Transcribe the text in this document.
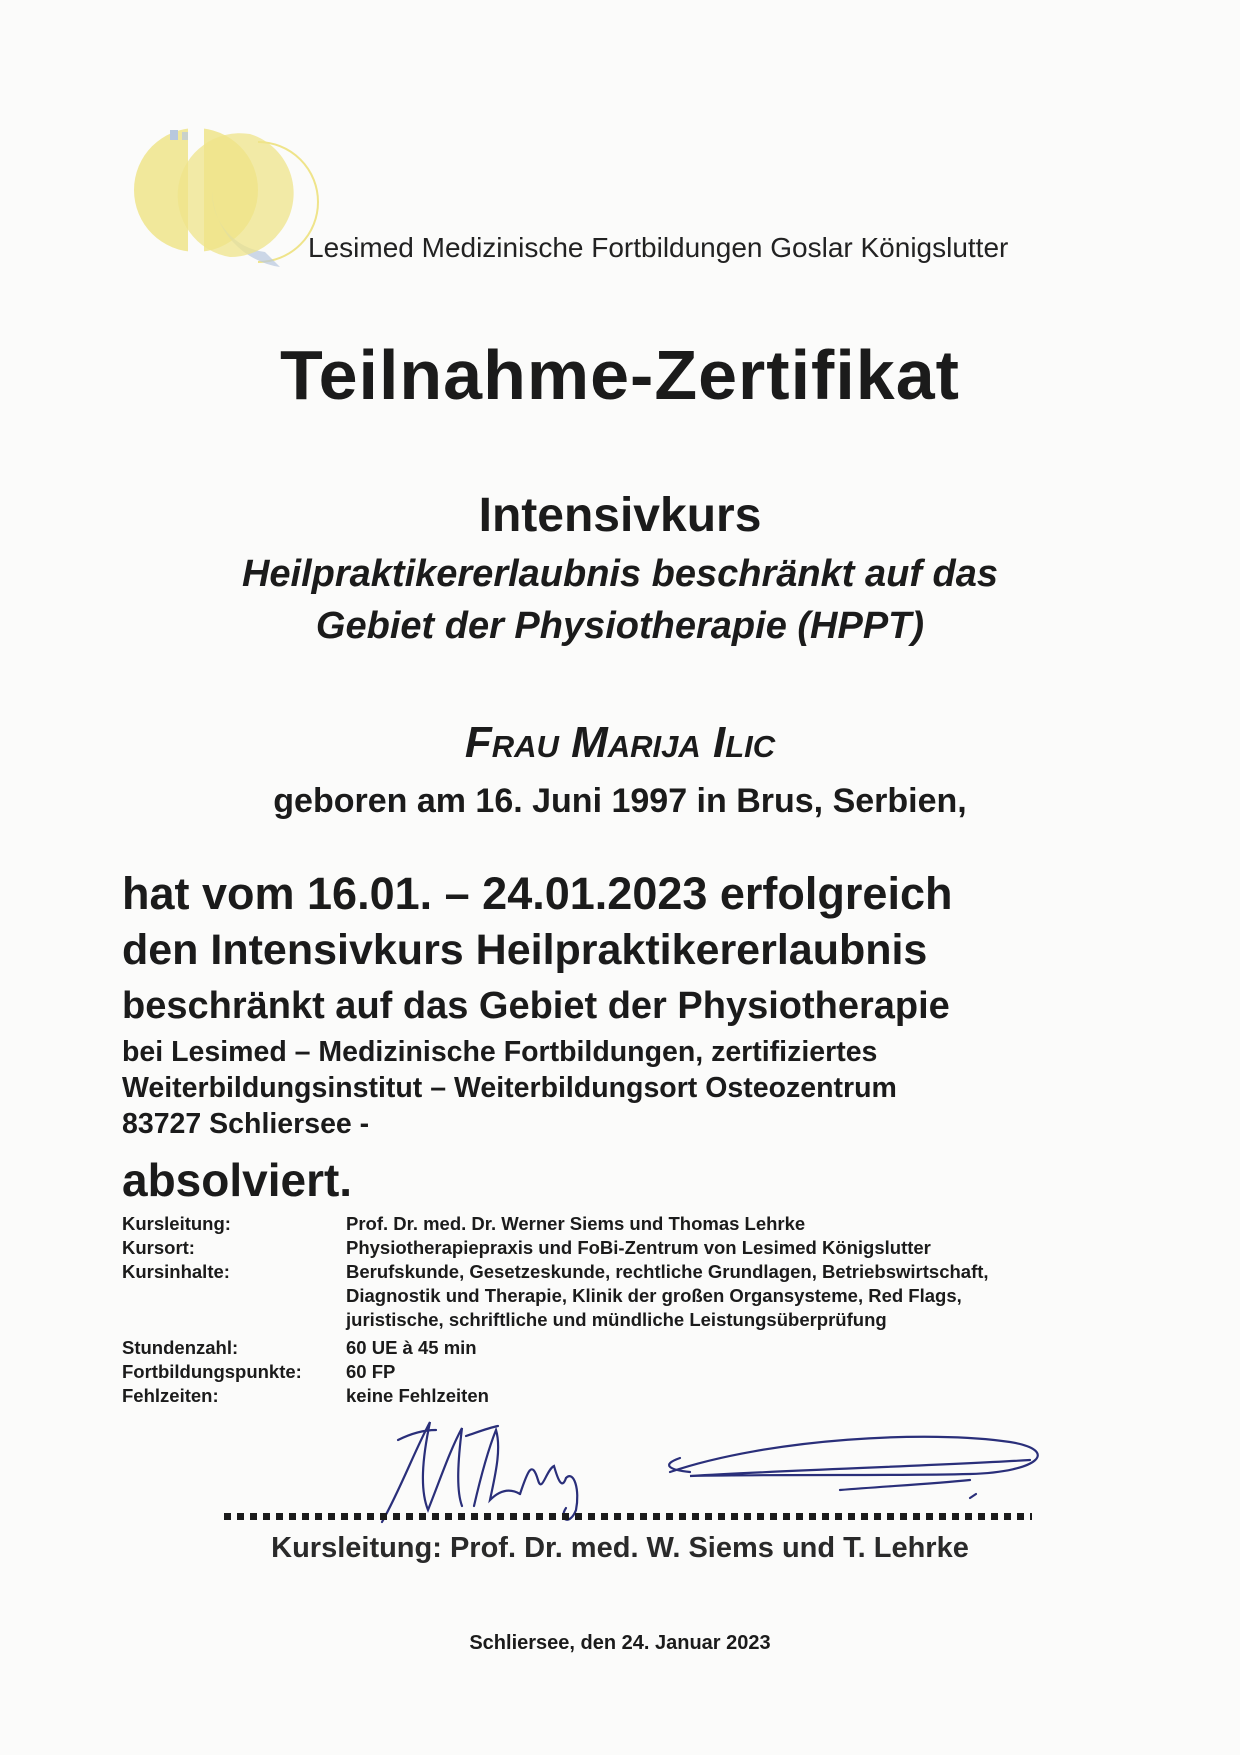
Lesimed Medizinische Fortbildungen Goslar Königslutter
Teilnahme-Zertifikat
Intensivkurs
Heilpraktikererlaubnis beschränkt auf das
Gebiet der Physiotherapie (HPPT)
Frau Marija Ilic
geboren am 16. Juni 1997 in Brus, Serbien,
hat vom 16.01. – 24.01.2023 erfolgreich
den Intensivkurs Heilpraktikererlaubnis
beschränkt auf das Gebiet der Physiotherapie
bei Lesimed – Medizinische Fortbildungen, zertifiziertes
Weiterbildungsinstitut – Weiterbildungsort Osteozentrum
83727 Schliersee -
absolviert.
Kursleitung:	Prof. Dr. med. Dr. Werner Siems und Thomas Lehrke
Kursort:	Physiotherapiepraxis und FoBi-Zentrum von Lesimed Königslutter
Kursinhalte:	Berufskunde, Gesetzeskunde, rechtliche Grundlagen, Betriebswirtschaft,
Diagnostik und Therapie, Klinik der großen Organsysteme, Red Flags,
juristische, schriftliche und mündliche Leistungsüberprüfung
Stundenzahl:	60 UE à 45 min
Fortbildungspunkte:	60 FP
Fehlzeiten:	keine Fehlzeiten
Kursleitung: Prof. Dr. med. W. Siems und T. Lehrke
Schliersee, den 24. Januar 2023
